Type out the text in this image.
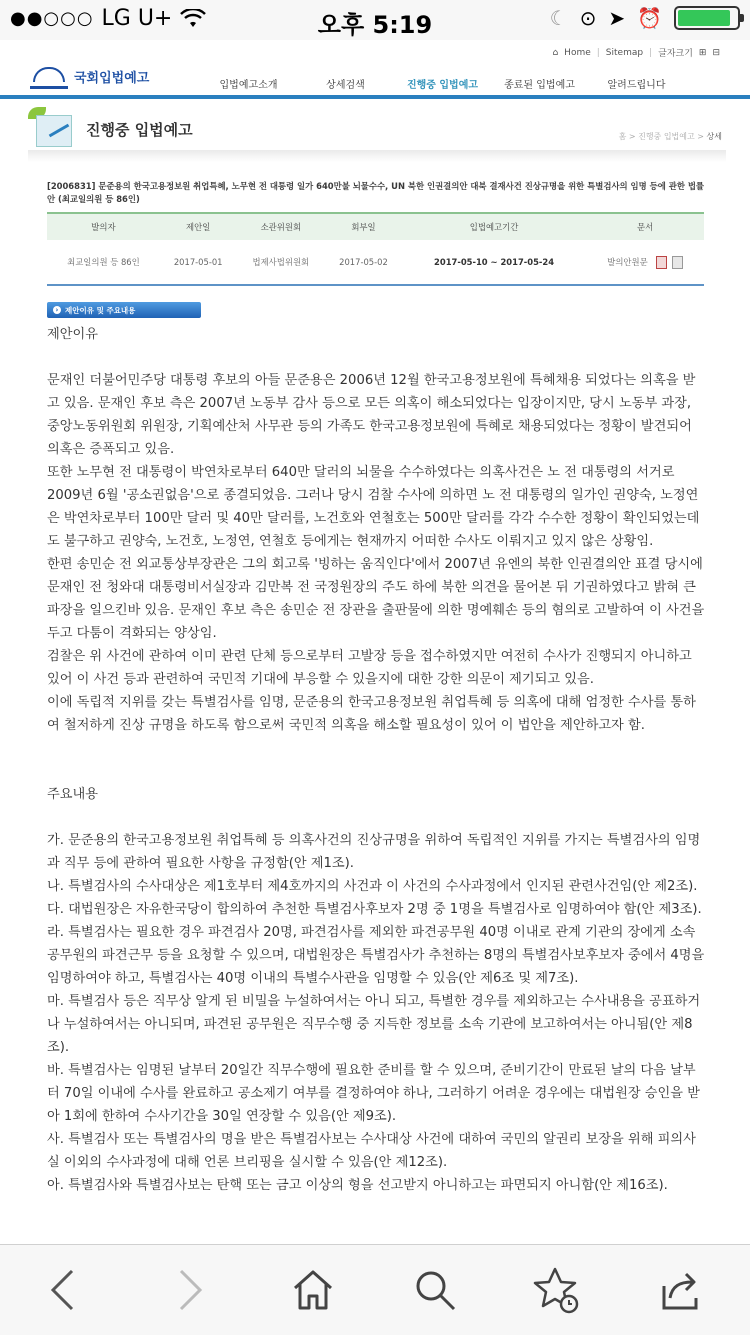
●●○○○ LG U+	오후 5:19	☾ ⊙ ➤ ⏰
⌂ Home | Sitemap | 글자크기 ⊞ ⊟
국회입법예고	입법예고소개	상세검색	진행중 입법예고	종료된 입법예고	알려드립니다
진행중 입법예고	홈 > 진행중 입법예고 > 상세
[2006831] 문준용의 한국고용정보원 취업특혜, 노무현 전 대통령 일가 640만불 뇌물수수, UN 북한 인권결의안 대북 결재사건 진상규명을 위한 특별검사의 임명 등에 관한 법률안 (최교일의원 등 86인)
발의자	제안일	소관위원회	회부일	입법예고기간	문서
최교일의원 등 86인	2017-05-01	법제사법위원회	2017-05-02	2017-05-10 ~ 2017-05-24	발의안원문
› 제안이유 및 주요내용

제안이유

문재인 더불어민주당 대통령 후보의 아들 문준용은 2006년 12월 한국고용정보원에 특혜채용 되었다는 의혹을 받고 있음. 문재인 후보 측은 2007년 노동부 감사 등으로 모든 의혹이 해소되었다는 입장이지만, 당시 노동부 과장, 중앙노동위원회 위원장, 기획예산처 사무관 등의 가족도 한국고용정보원에 특혜로 채용되었다는 정황이 발견되어 의혹은 증폭되고 있음.

또한 노무현 전 대통령이 박연차로부터 640만 달러의 뇌물을 수수하였다는 의혹사건은 노 전 대통령의 서거로 2009년 6월 '공소권없음'으로 종결되었음. 그러나 당시 검찰 수사에 의하면 노 전 대통령의 일가인 권양숙, 노정연은 박연차로부터 100만 달러 및 40만 달러를, 노건호와 연철호는 500만 달러를 각각 수수한 정황이 확인되었는데도 불구하고 권양숙, 노건호, 노정연, 연철호 등에게는 현재까지 어떠한 수사도 이뤄지고 있지 않은 상황임.

한편 송민순 전 외교통상부장관은 그의 회고록 '빙하는 움직인다'에서 2007년 유엔의 북한 인권결의안 표결 당시에 문재인 전 청와대 대통령비서실장과 김만복 전 국정원장의 주도 하에 북한 의견을 물어본 뒤 기권하였다고 밝혀 큰 파장을 일으킨바 있음. 문재인 후보 측은 송민순 전 장관을 출판물에 의한 명예훼손 등의 혐의로 고발하여 이 사건을 두고 다툼이 격화되는 양상임.

검찰은 위 사건에 관하여 이미 관련 단체 등으로부터 고발장 등을 접수하였지만 여전히 수사가 진행되지 아니하고 있어 이 사건 등과 관련하여 국민적 기대에 부응할 수 있을지에 대한 강한 의문이 제기되고 있음.

이에 독립적 지위를 갖는 특별검사를 임명, 문준용의 한국고용정보원 취업특혜 등 의혹에 대해 엄정한 수사를 통하여 철저하게 진상 규명을 하도록 함으로써 국민적 의혹을 해소할 필요성이 있어 이 법안을 제안하고자 함.

주요내용

가. 문준용의 한국고용정보원 취업특혜 등 의혹사건의 진상규명을 위하여 독립적인 지위를 가지는 특별검사의 임명과 직무 등에 관하여 필요한 사항을 규정함(안 제1조).

나. 특별검사의 수사대상은 제1호부터 제4호까지의 사건과 이 사건의 수사과정에서 인지된 관련사건임(안 제2조).

다. 대법원장은 자유한국당이 합의하여 추천한 특별검사후보자 2명 중 1명을 특별검사로 임명하여야 함(안 제3조).

라. 특별검사는 필요한 경우 파견검사 20명, 파견검사를 제외한 파견공무원 40명 이내로 관계 기관의 장에게 소속 공무원의 파견근무 등을 요청할 수 있으며, 대법원장은 특별검사가 추천하는 8명의 특별검사보후보자 중에서 4명을 임명하여야 하고, 특별검사는 40명 이내의 특별수사관을 임명할 수 있음(안 제6조 및 제7조).

마. 특별검사 등은 직무상 알게 된 비밀을 누설하여서는 아니 되고, 특별한 경우를 제외하고는 수사내용을 공표하거나 누설하여서는 아니되며, 파견된 공무원은 직무수행 중 지득한 정보를 소속 기관에 보고하여서는 아니됨(안 제8조).

바. 특별검사는 임명된 날부터 20일간 직무수행에 필요한 준비를 할 수 있으며, 준비기간이 만료된 날의 다음 날부터 70일 이내에 수사를 완료하고 공소제기 여부를 결정하여야 하나, 그러하기 어려운 경우에는 대법원장 승인을 받아 1회에 한하여 수사기간을 30일 연장할 수 있음(안 제9조).

사. 특별검사 또는 특별검사의 명을 받은 특별검사보는 수사대상 사건에 대하여 국민의 알권리 보장을 위해 피의사실 이외의 수사과정에 대해 언론 브리핑을 실시할 수 있음(안 제12조).

아. 특별검사와 특별검사보는 탄핵 또는 금고 이상의 형을 선고받지 아니하고는 파면되지 아니함(안 제16조).
